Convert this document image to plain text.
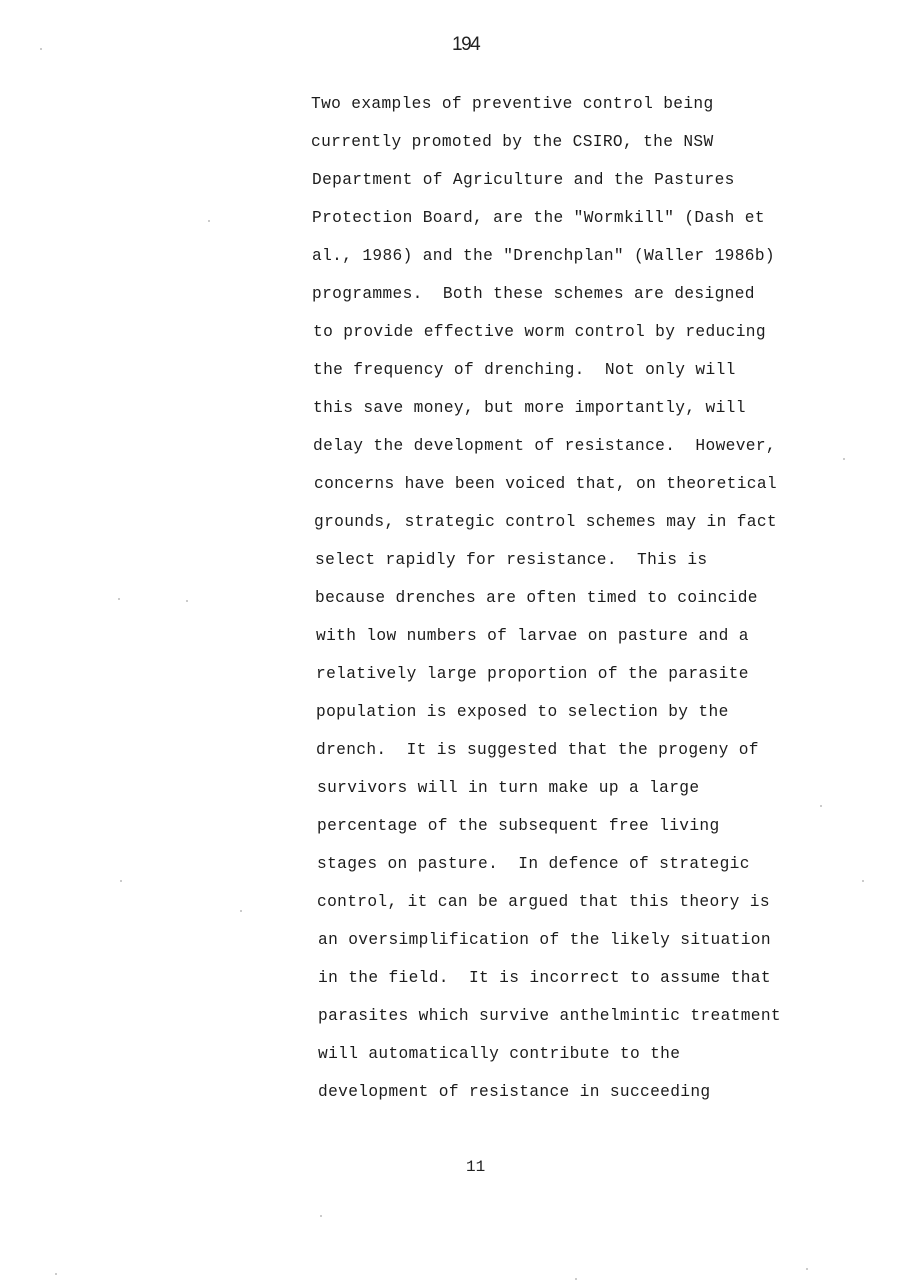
194
Two examples of preventive control being
currently promoted by the CSIRO, the NSW
Department of Agriculture and the Pastures
Protection Board, are the "Wormkill" (Dash et
al., 1986) and the "Drenchplan" (Waller 1986b)
programmes.  Both these schemes are designed
to provide effective worm control by reducing
the frequency of drenching.  Not only will
this save money, but more importantly, will
delay the development of resistance.  However,
concerns have been voiced that, on theoretical
grounds, strategic control schemes may in fact
select rapidly for resistance.  This is
because drenches are often timed to coincide
with low numbers of larvae on pasture and a
relatively large proportion of the parasite
population is exposed to selection by the
drench.  It is suggested that the progeny of
survivors will in turn make up a large
percentage of the subsequent free living
stages on pasture.  In defence of strategic
control, it can be argued that this theory is
an oversimplification of the likely situation
in the field.  It is incorrect to assume that
parasites which survive anthelmintic treatment
will automatically contribute to the
development of resistance in succeeding
11
